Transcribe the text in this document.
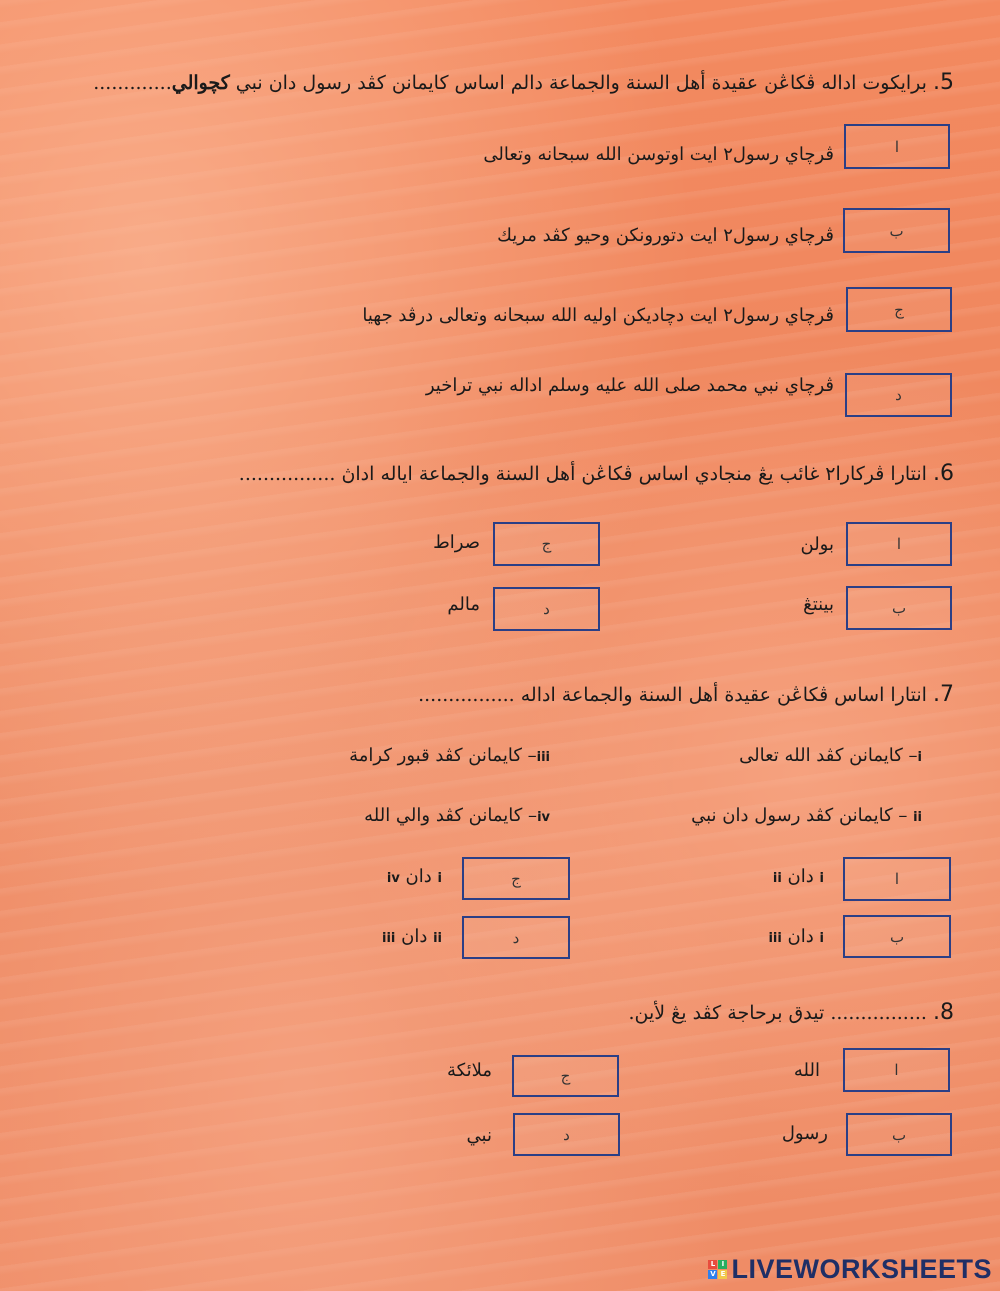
5. برايكوت اداله ڤكاڠن عقيدة أهل السنة والجماعة دالم اساس كايمانن كڤد رسول دان نبي كچوالي.............
ا
ڤرچاي رسول٢ ايت اوتوسن الله سبحانه وتعالى
ب
ڤرچاي رسول٢ ايت دتورونكن وحيو كڤد مريك
ج
ڤرچاي رسول٢ ايت دچاديكن اوليه الله سبحانه وتعالى درڤد جهيا
د
ڤرچاي نبي محمد صلى الله عليه وسلم اداله نبي تراخير
6. انتارا ڤركارا٢ غائب يڠ منجادي اساس ڤكاڠن أهل السنة والجماعة اياله اداڽ ................
ا
بولن
ب
بينتڠ
ج
صراط
د
مالم
7. انتارا اساس ڤكاڠن عقيدة أهل السنة والجماعة اداله ................
i– كايمانن كڤد الله تعالى
ii – كايمانن كڤد رسول دان نبي
iii– كايمانن كڤد قبور كرامة
iv– كايمانن كڤد والي الله
ا
i دان ii
ب
i دان iii
ج
i دان iv
د
ii دان iii
8. ................ تيدق برحاجة كڤد يڠ لأين.
ا
الله
ب
رسول
ج
ملائكة
د
نبي
L I
V E LIVEWORKSHEETS
